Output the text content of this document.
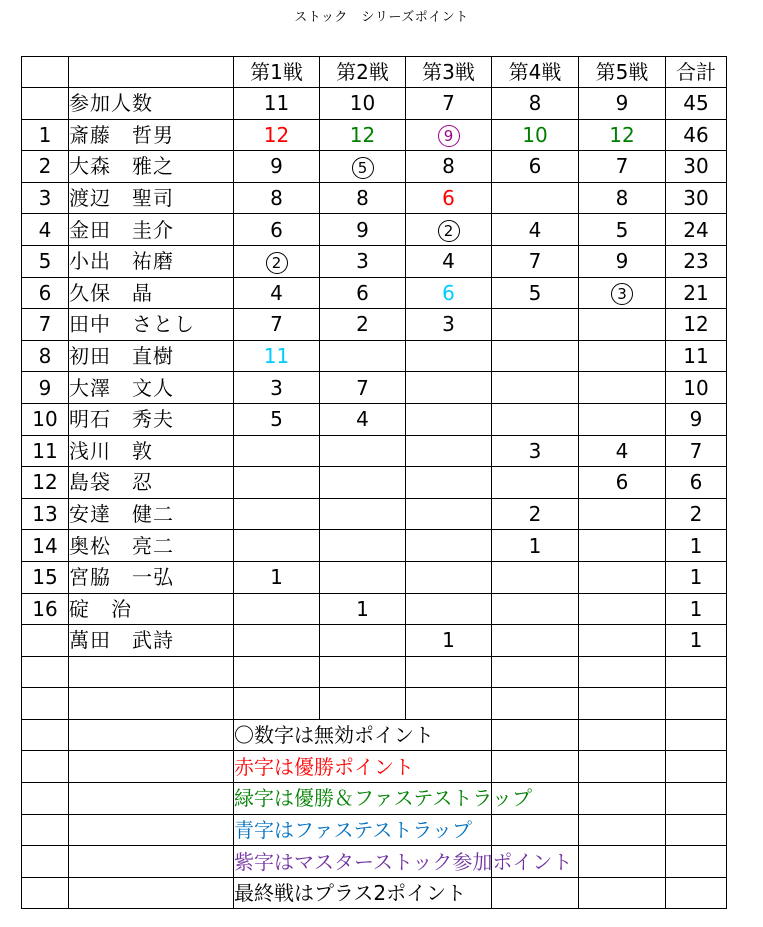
ストック　シリーズポイント
		第1戦	第2戦	第3戦	第4戦	第5戦	合計
	参加人数	11	10	7	8	9	45
1	斎藤　哲男	12	12	9	10	12	46
2	大森　雅之	9	5	8	6	7	30
3	渡辺　聖司	8	8	6		8	30
4	金田　圭介	6	9	2	4	5	24
5	小出　祐磨	2	3	4	7	9	23
6	久保　晶	4	6	6	5	3	21
7	田中　さとし	7	2	3			12
8	初田　直樹	11					11
9	大澤　文人	3	7				10
10	明石　秀夫	5	4				9
11	浅川　敦				3	4	7
12	島袋　忍					6	6
13	安達　健二				2		2
14	奥松　亮二				1		1
15	宮脇　一弘	1					1
16	碇　治		1				1
	萬田　武詩			1			1

		〇数字は無効ポイント					
		赤字は優勝ポイント					
		緑字は優勝＆ファステストラップ					
		青字はファステストラップ					
		紫字はマスターストック参加ポイント					
		最終戦はプラス2ポイント					
